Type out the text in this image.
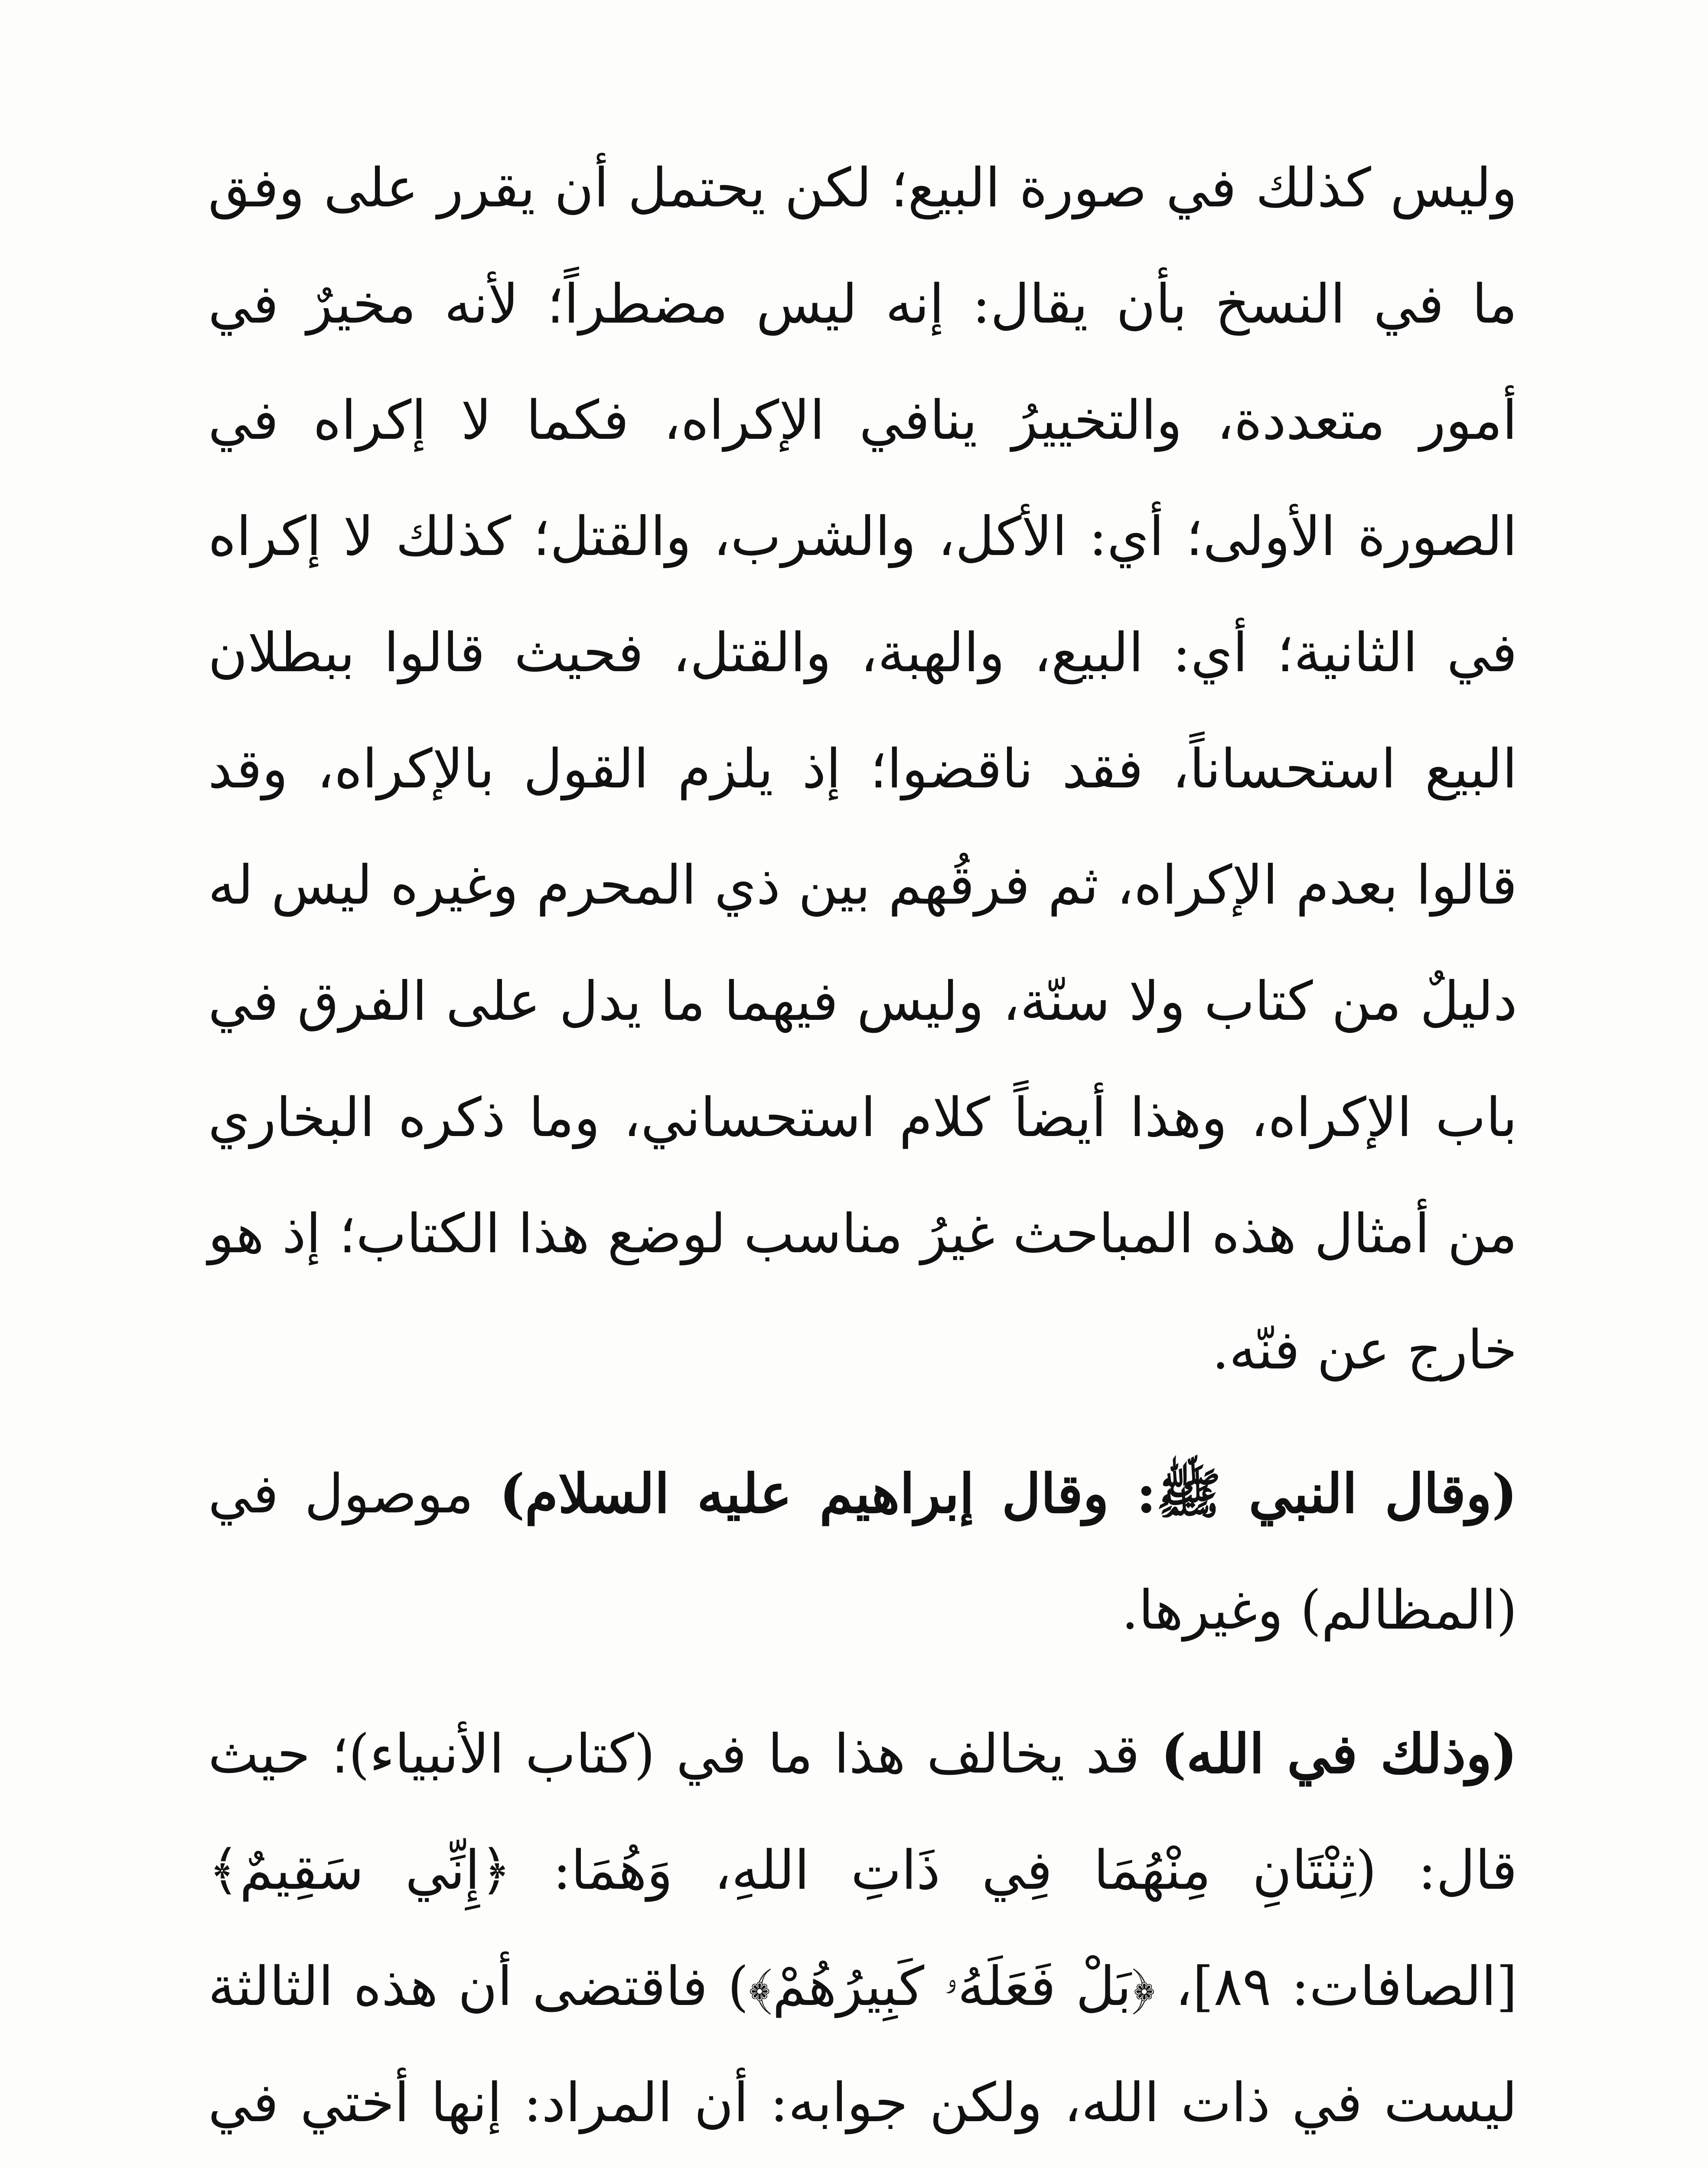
وليس كذلك في صورة البيع؛ لكن يحتمل أن يقرر على وفق ما في النسخ بأن يقال: إنه ليس مضطراً؛ لأنه مخيرٌ في أمور متعددة، والتخييرُ ينافي الإكراه، فكما لا إكراه في الصورة الأولى؛ أي: الأكل، والشرب، والقتل؛ كذلك لا إكراه في الثانية؛ أي: البيع، والهبة، والقتل، فحيث قالوا ببطلان البيع استحساناً، فقد ناقضوا؛ إذ يلزم القول بالإكراه، وقد قالوا بعدم الإكراه، ثم فرقُهم بين ذي المحرم وغيره ليس له دليلٌ من كتاب ولا سنّة، وليس فيهما ما يدل على الفرق في باب الإكراه، وهذا أيضاً كلام استحساني، وما ذكره البخاري من أمثال هذه المباحث غيرُ مناسب لوضع هذا الكتاب؛ إذ هو خارج عن فنّه.

(وقال النبي ﷺ: وقال إبراهيم عليه السلام) موصول في (المظالم) وغيرها.

(وذلك في الله) قد يخالف هذا ما في (كتاب الأنبياء)؛ حيث قال: (ثِنْتَانِ مِنْهُمَا فِي ذَاتِ اللهِ، وَهُمَا: ﴿إِنِّي سَقِيمٌ﴾[الصافات: ٨٩]، ﴿بَلْ فَعَلَهُۥ كَبِيرُهُمْ﴾) فاقتضى أن هذه الثالثة ليست في ذات الله، ولكن جوابه: أن المراد: إنها أختي في
